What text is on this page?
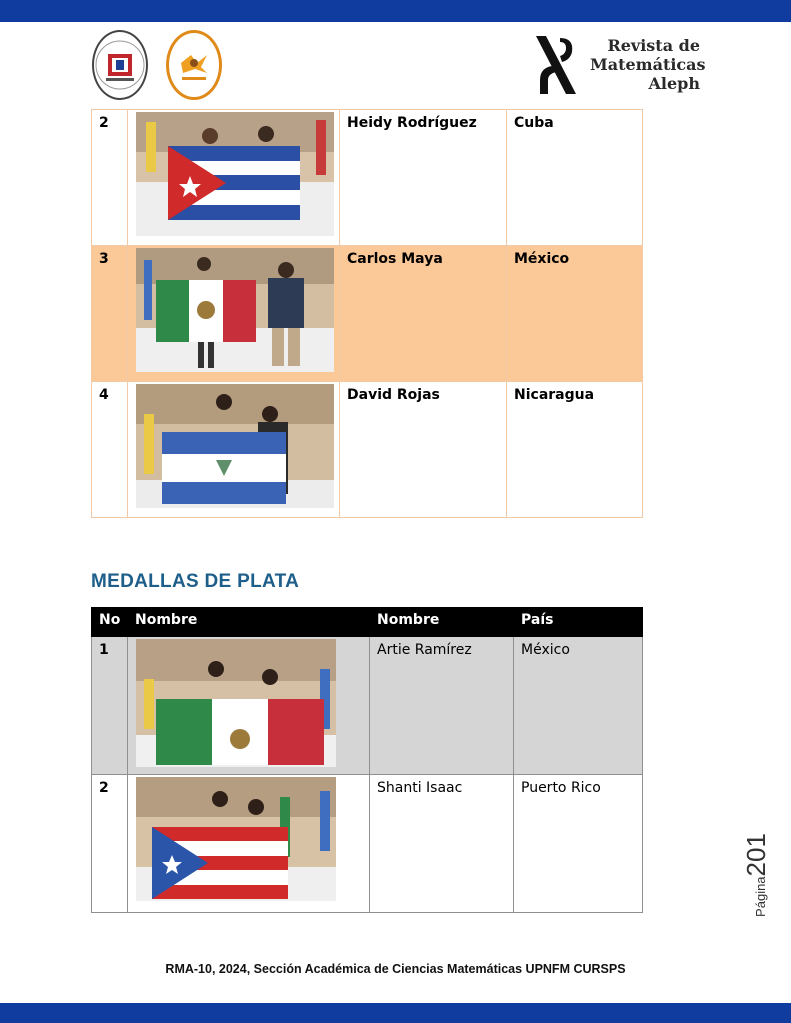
Revista de
Matemáticas
Aleph
2		Heidy Rodríguez	Cuba
3		Carlos Maya	México
4		David Rojas	Nicaragua
MEDALLAS DE PLATA
No	Nombre	Nombre	País
1		Artie Ramírez	México
2		Shanti Isaac	Puerto Rico
Página201
RMA-10, 2024, Sección Académica de Ciencias Matemáticas UPNFM CURSPS
